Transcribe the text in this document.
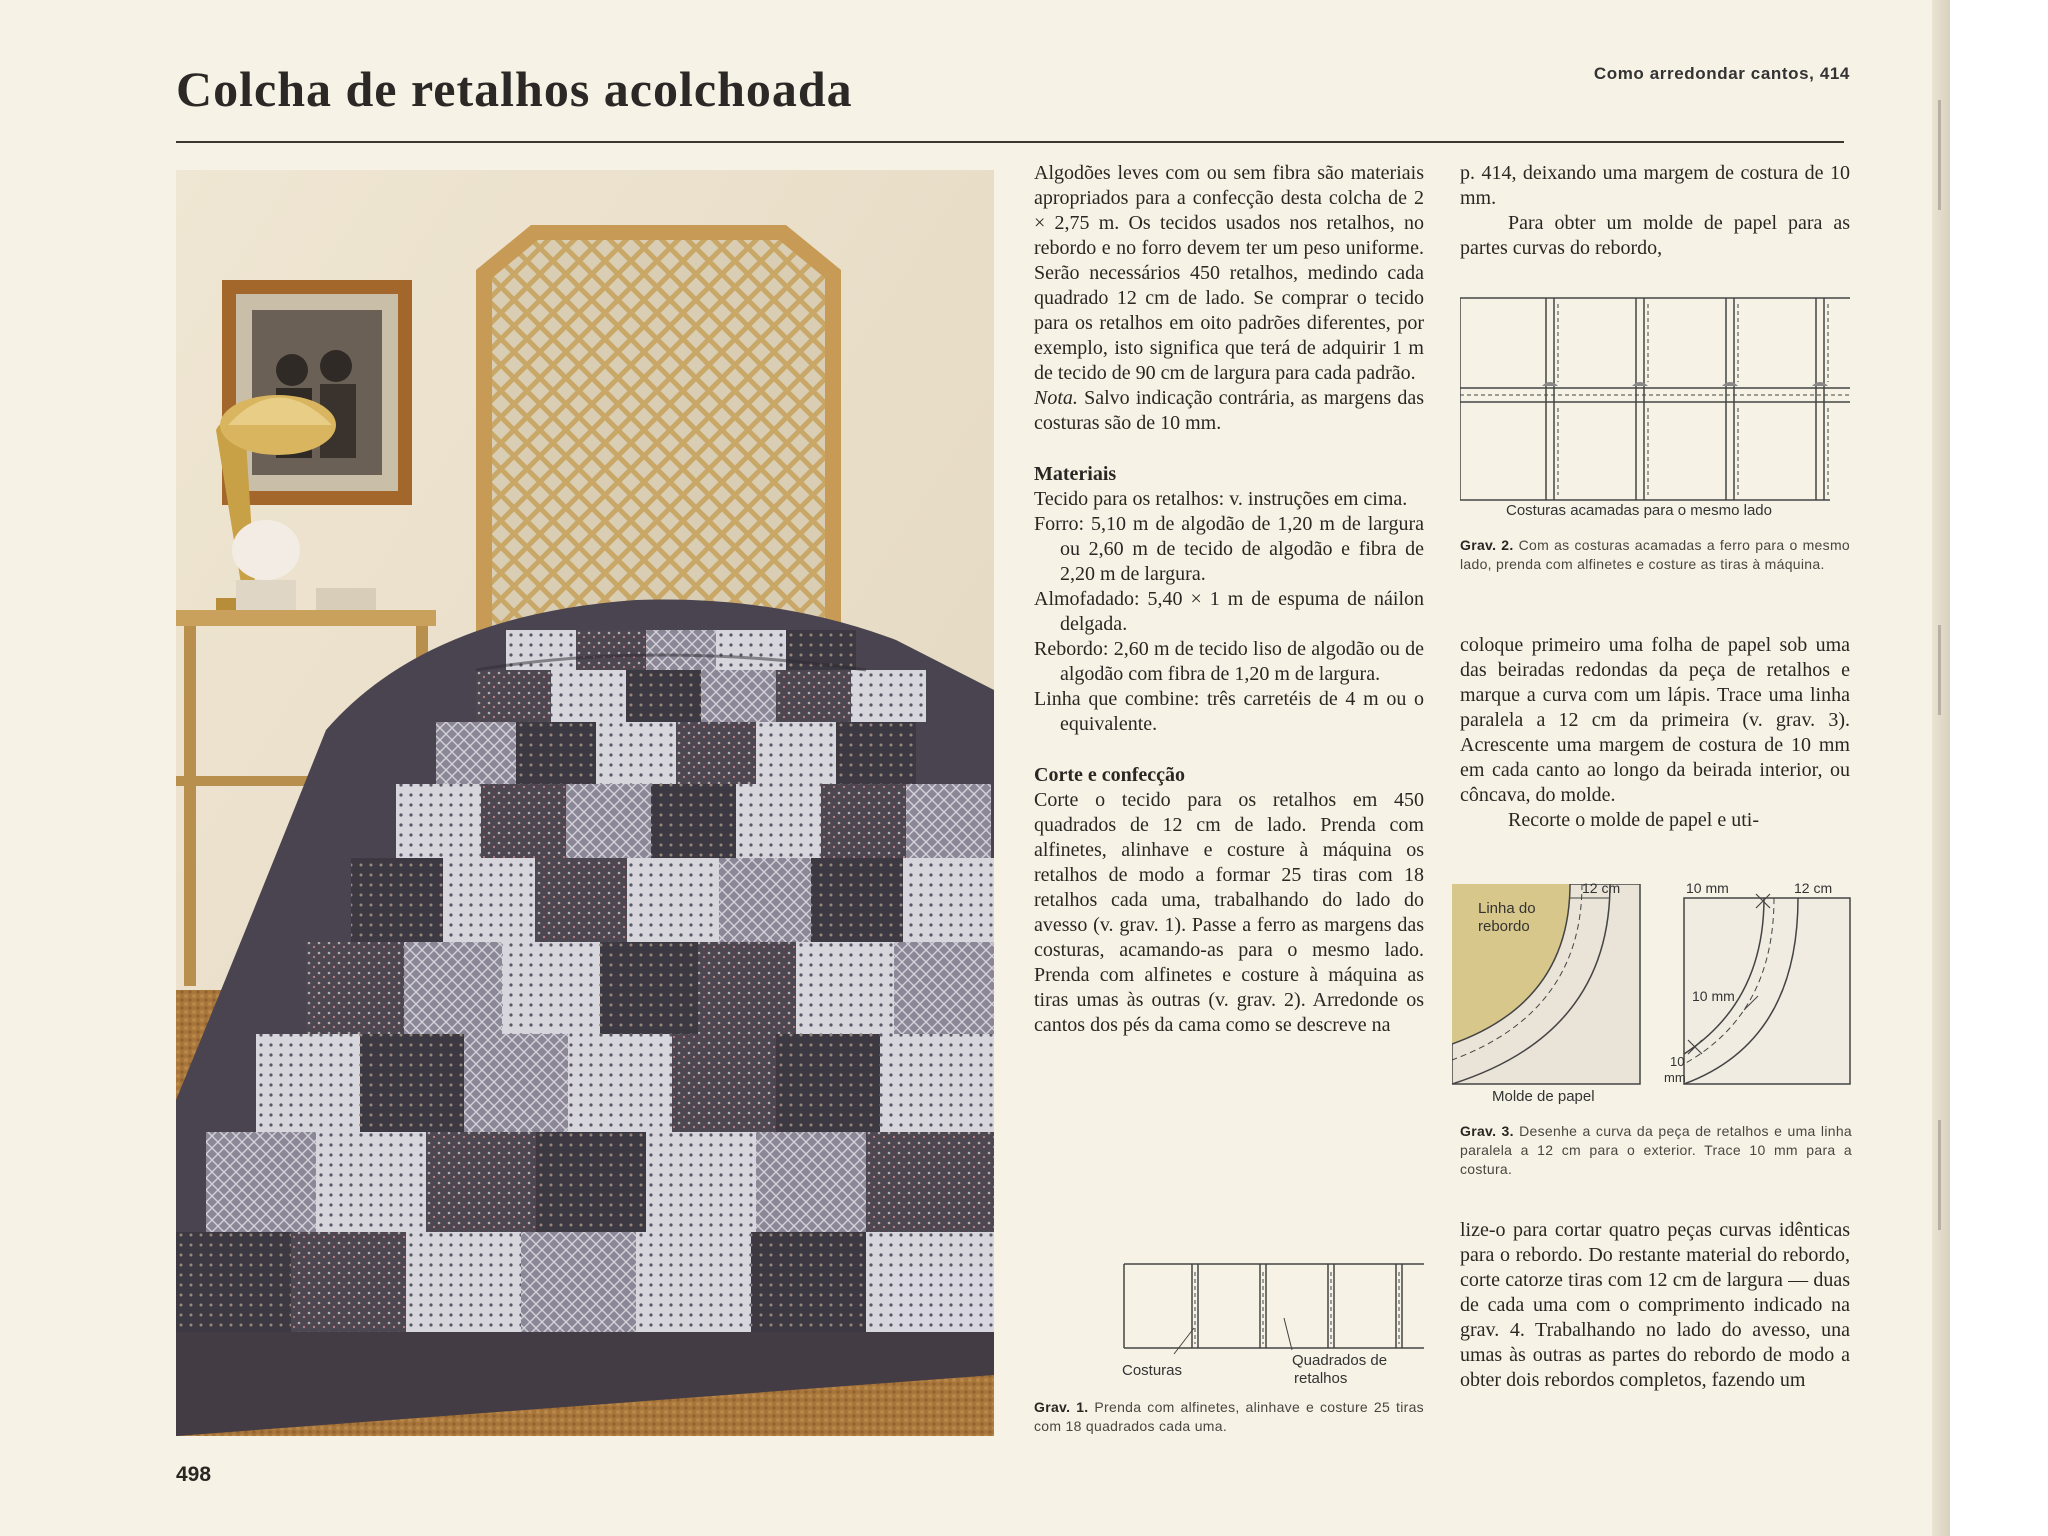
Colcha de retalhos acolchoada	Como arredondar cantos, 414

Algodões leves com ou sem fibra são materiais apropriados para a confecção desta colcha de 2 × 2,75 m. Os tecidos usados nos retalhos, no rebordo e no forro devem ter um peso uniforme. Serão necessários 450 retalhos, medindo cada quadrado 12 cm de lado. Se comprar o tecido para os retalhos em oito padrões diferentes, por exemplo, isto significa que terá de adquirir 1 m de tecido de 90 cm de largura para cada padrão.

Nota. Salvo indicação contrária, as margens das costuras são de 10 mm.

Materiais

Tecido para os retalhos: v. instruções em cima.

Forro: 5,10 m de algodão de 1,20 m de largura ou 2,60 m de tecido de algodão e fibra de 2,20 m de largura.

Almofadado: 5,40 × 1 m de espuma de náilon delgada.

Rebordo: 2,60 m de tecido liso de algodão ou de algodão com fibra de 1,20 m de largura.

Linha que combine: três carretéis de 4 m ou o equivalente.

Corte e confecção

Corte o tecido para os retalhos em 450 quadrados de 12 cm de lado. Prenda com alfinetes, alinhave e costure à máquina os retalhos de modo a formar 25 tiras com 18 retalhos cada uma, trabalhando do lado do avesso (v. grav. 1). Passe a ferro as margens das costuras, acamando-as para o mesmo lado. Prenda com alfinetes e costure à máquina as tiras umas às outras (v. grav. 2). Arredonde os cantos dos pés da cama como se descreve na

Costuras
Quadrados de
retalhos

Grav. 1. Prenda com alfinetes, alinhave e costure 25 tiras com 18 quadrados cada uma.

p. 414, deixando uma margem de costura de 10 mm.

Para obter um molde de papel para as partes curvas do rebordo,

Costuras acamadas para o mesmo lado

Grav. 2. Com as costuras acamadas a ferro para o mesmo lado, prenda com alfinetes e costure as tiras à máquina.

coloque primeiro uma folha de papel sob uma das beiradas redondas da peça de retalhos e marque a curva com um lápis. Trace uma linha paralela a 12 cm da primeira (v. grav. 3). Acrescente uma margem de costura de 10 mm em cada canto ao longo da beirada interior, ou côncava, do molde.

Recorte o molde de papel e uti-

Linha do
rebordo
12 cm	10 mm	12 cm
10 mm
10
mm
Molde de papel

Grav. 3. Desenhe a curva da peça de retalhos e uma linha paralela a 12 cm para o exterior. Trace 10 mm para a costura.

lize-o para cortar quatro peças curvas idênticas para o rebordo. Do restante material do rebordo, corte catorze tiras com 12 cm de largura — duas de cada uma com o comprimento indicado na grav. 4. Trabalhando no lado do avesso, una umas às outras as partes do rebordo de modo a obter dois rebordos completos, fazendo um

498
